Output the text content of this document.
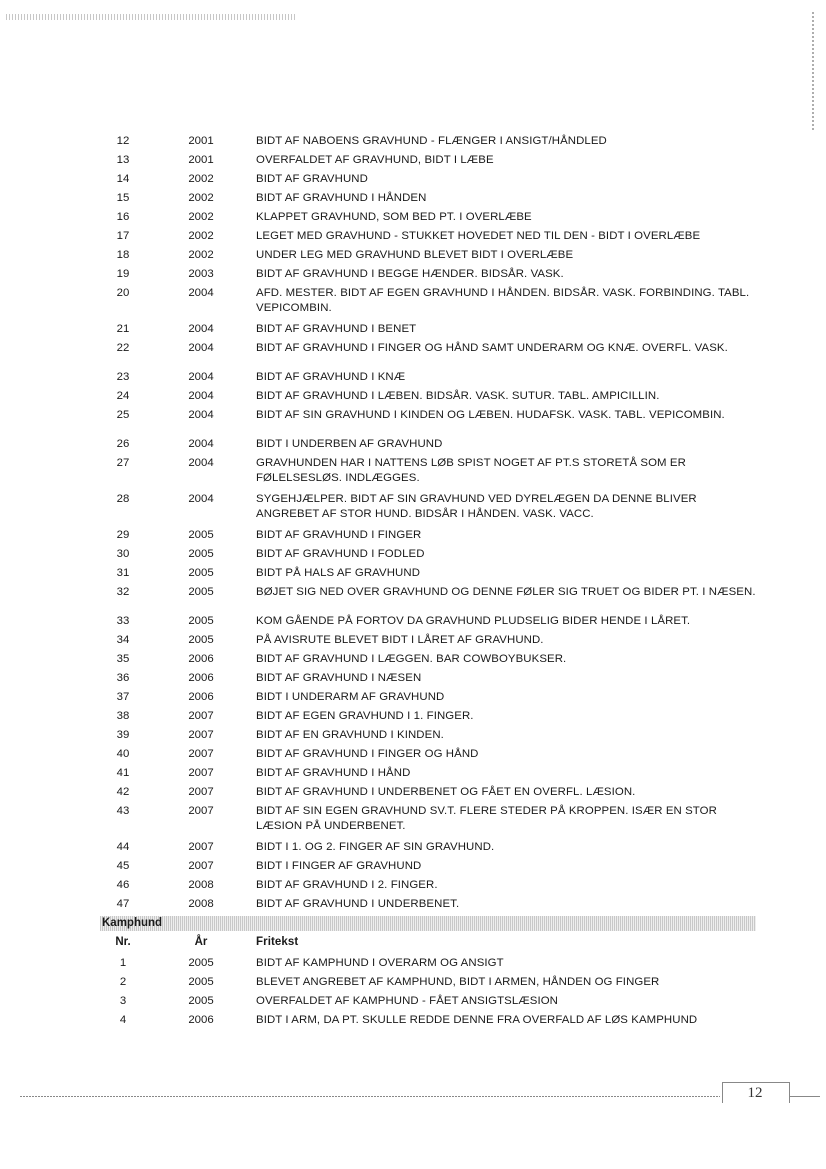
12	2001	BIDT AF NABOENS GRAVHUND - FLÆNGER I ANSIGT/HÅNDLED
13	2001	OVERFALDET AF GRAVHUND, BIDT I LÆBE
14	2002	BIDT AF GRAVHUND
15	2002	BIDT AF GRAVHUND I HÅNDEN
16	2002	KLAPPET GRAVHUND, SOM BED PT. I OVERLÆBE
17	2002	LEGET MED GRAVHUND - STUKKET HOVEDET NED TIL DEN - BIDT I OVERLÆBE
18	2002	UNDER LEG MED GRAVHUND BLEVET BIDT I OVERLÆBE
19	2003	BIDT AF GRAVHUND I BEGGE HÆNDER. BIDSÅR. VASK.
20	2004	AFD. MESTER. BIDT AF EGEN GRAVHUND I HÅNDEN. BIDSÅR. VASK. FORBINDING. TABL. VEPICOMBIN.
21	2004	BIDT AF GRAVHUND I BENET
22	2004	BIDT AF GRAVHUND I FINGER OG HÅND SAMT UNDERARM OG KNÆ. OVERFL. VASK.
23	2004	BIDT AF GRAVHUND I KNÆ
24	2004	BIDT AF GRAVHUND I LÆBEN. BIDSÅR. VASK. SUTUR. TABL. AMPICILLIN.
25	2004	BIDT AF SIN GRAVHUND I KINDEN OG LÆBEN. HUDAFSK. VASK. TABL. VEPICOMBIN.
26	2004	BIDT I UNDERBEN AF GRAVHUND
27	2004	GRAVHUNDEN HAR I NATTENS LØB SPIST NOGET AF PT.S STORETÅ SOM ER FØLELSESLØS. INDLÆGGES.
28	2004	SYGEHJÆLPER. BIDT AF SIN GRAVHUND VED DYRELÆGEN DA DENNE BLIVER ANGREBET AF STOR HUND. BIDSÅR I HÅNDEN. VASK. VACC.
29	2005	BIDT AF GRAVHUND I FINGER
30	2005	BIDT AF GRAVHUND I FODLED
31	2005	BIDT PÅ HALS AF GRAVHUND
32	2005	BØJET SIG NED OVER GRAVHUND OG DENNE FØLER SIG TRUET OG BIDER PT. I NÆSEN.
33	2005	KOM GÅENDE PÅ FORTOV DA GRAVHUND PLUDSELIG BIDER HENDE I LÅRET.
34	2005	PÅ AVISRUTE BLEVET BIDT I LÅRET AF GRAVHUND.
35	2006	BIDT AF GRAVHUND I LÆGGEN. BAR COWBOYBUKSER.
36	2006	BIDT AF GRAVHUND I NÆSEN
37	2006	BIDT I UNDERARM AF GRAVHUND
38	2007	BIDT AF EGEN GRAVHUND I 1. FINGER.
39	2007	BIDT AF EN GRAVHUND I KINDEN.
40	2007	BIDT AF GRAVHUND I FINGER OG HÅND
41	2007	BIDT AF GRAVHUND I HÅND
42	2007	BIDT AF GRAVHUND I UNDERBENET OG FÅET EN OVERFL. LÆSION.
43	2007	BIDT AF SIN EGEN GRAVHUND SV.T. FLERE STEDER PÅ KROPPEN. ISÆR EN STOR LÆSION PÅ UNDERBENET.
44	2007	BIDT I 1. OG 2. FINGER AF SIN GRAVHUND.
45	2007	BIDT I FINGER AF GRAVHUND
46	2008	BIDT AF GRAVHUND I 2. FINGER.
47	2008	BIDT AF GRAVHUND I UNDERBENET.
Kamphund
Nr.	År	Fritekst
1	2005	BIDT AF KAMPHUND I OVERARM OG ANSIGT
2	2005	BLEVET ANGREBET AF KAMPHUND, BIDT I ARMEN, HÅNDEN OG FINGER
3	2005	OVERFALDET AF KAMPHUND - FÅET ANSIGTSLÆSION
4	2006	BIDT I ARM, DA PT. SKULLE REDDE DENNE FRA OVERFALD AF LØS KAMPHUND
12
